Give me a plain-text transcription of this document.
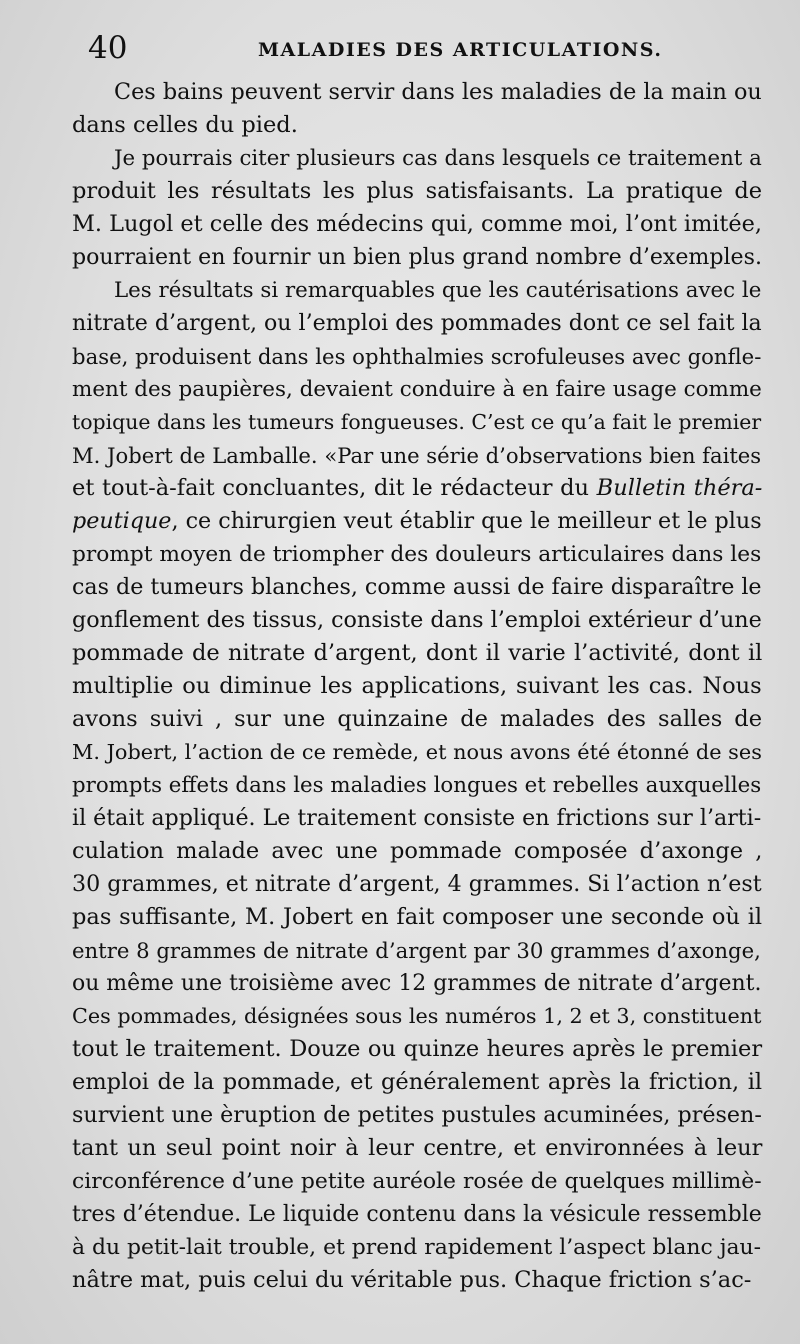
40	MALADIES DES ARTICULATIONS.
Ces bains peuvent servir dans les maladies de la main ou
dans celles du pied.
Je pourrais citer plusieurs cas dans lesquels ce traitement a
produit les résultats les plus satisfaisants. La pratique de
M. Lugol et celle des médecins qui, comme moi, l’ont imitée,
pourraient en fournir un bien plus grand nombre d’exemples.
Les résultats si remarquables que les cautérisations avec le
nitrate d’argent, ou l’emploi des pommades dont ce sel fait la
base, produisent dans les ophthalmies scrofuleuses avec gonfle-
ment des paupières, devaient conduire à en faire usage comme
topique dans les tumeurs fongueuses. C’est ce qu’a fait le premier
M. Jobert de Lamballe. «Par une série d’observations bien faites
et tout-à-fait concluantes, dit le rédacteur du Bulletin théra-
peutique, ce chirurgien veut établir que le meilleur et le plus
prompt moyen de triompher des douleurs articulaires dans les
cas de tumeurs blanches, comme aussi de faire disparaître le
gonflement des tissus, consiste dans l’emploi extérieur d’une
pommade de nitrate d’argent, dont il varie l’activité, dont il
multiplie ou diminue les applications, suivant les cas. Nous
avons suivi , sur une quinzaine de malades des salles de
M. Jobert, l’action de ce remède, et nous avons été étonné de ses
prompts effets dans les maladies longues et rebelles auxquelles
il était appliqué. Le traitement consiste en frictions sur l’arti-
culation malade avec une pommade composée d’axonge ,
30 grammes, et nitrate d’argent, 4 grammes. Si l’action n’est
pas suffisante, M. Jobert en fait composer une seconde où il
entre 8 grammes de nitrate d’argent par 30 grammes d’axonge,
ou même une troisième avec 12 grammes de nitrate d’argent.
Ces pommades, désignées sous les numéros 1, 2 et 3, constituent
tout le traitement. Douze ou quinze heures après le premier
emploi de la pommade, et généralement après la friction, il
survient une èruption de petites pustules acuminées, présen-
tant un seul point noir à leur centre, et environnées à leur
circonférence d’une petite auréole rosée de quelques millimè-
tres d’étendue. Le liquide contenu dans la vésicule ressemble
à du petit-lait trouble, et prend rapidement l’aspect blanc jau-
nâtre mat, puis celui du véritable pus. Chaque friction s’ac-
